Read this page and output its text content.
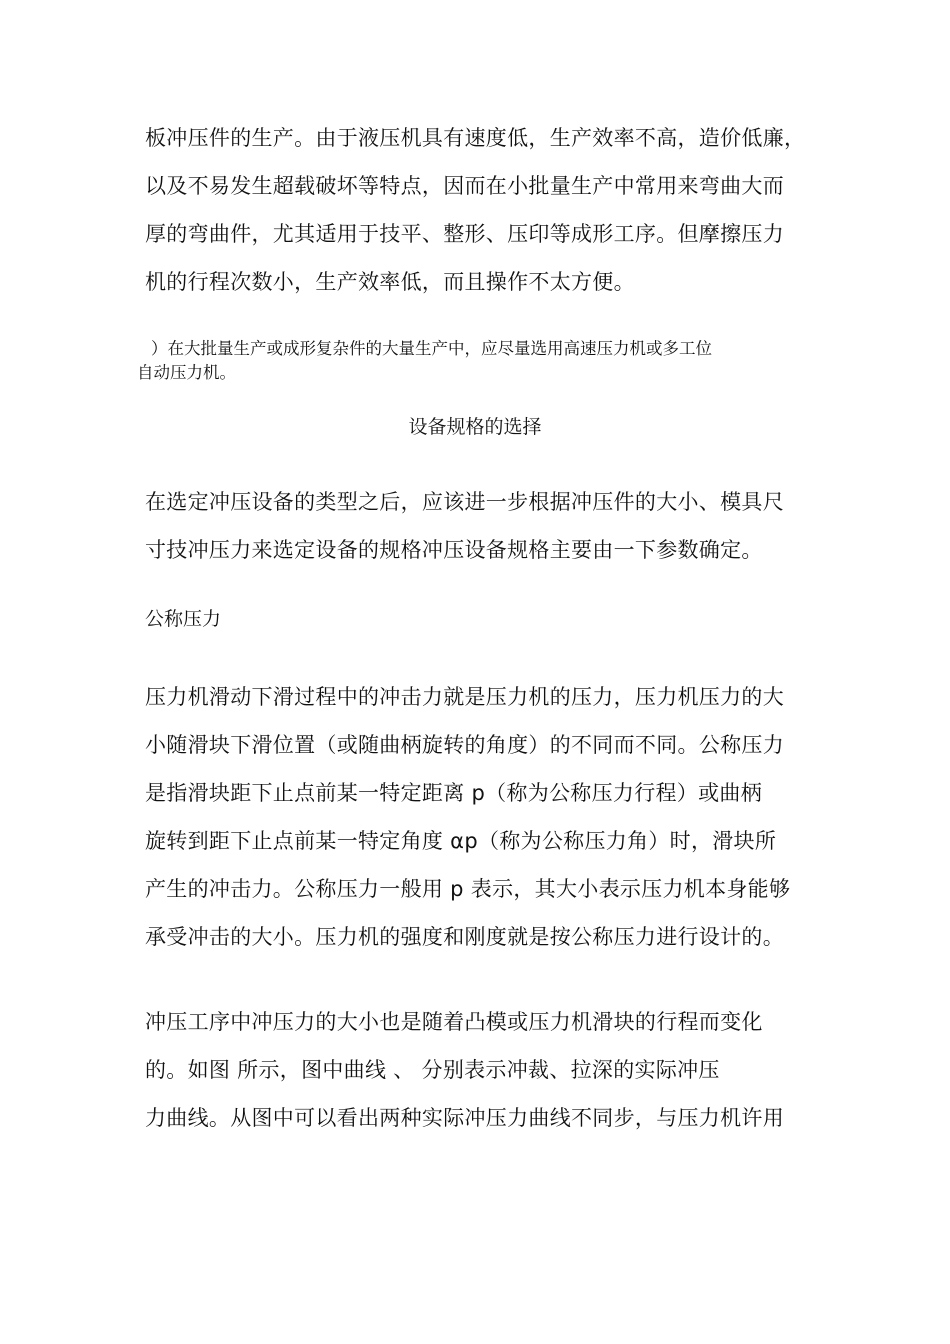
板冲压件的生产。由于液压机具有速度低，生产效率不高，造价低廉，
以及不易发生超载破坏等特点，因而在小批量生产中常用来弯曲大而
厚的弯曲件，尤其适用于技平、整形、压印等成形工序。但摩擦压力
机的行程次数小，生产效率低，而且操作不太方便。
）在大批量生产或成形复杂件的大量生产中，应尽量选用高速压力机或多工位
自动压力机。
设备规格的选择
在选定冲压设备的类型之后，应该进一步根据冲压件的大小、模具尺
寸技冲压力来选定设备的规格冲压设备规格主要由一下参数确定。
公称压力
压力机滑动下滑过程中的冲击力就是压力机的压力，压力机压力的大
小随滑块下滑位置（或随曲柄旋转的角度）的不同而不同。公称压力
是指滑块距下止点前某一特定距离 p（称为公称压力行程）或曲柄
旋转到距下止点前某一特定角度 αp（称为公称压力角）时，滑块所
产生的冲击力。公称压力一般用 p 表示，其大小表示压力机本身能够
承受冲击的大小。压力机的强度和刚度就是按公称压力进行设计的。
冲压工序中冲压力的大小也是随着凸模或压力机滑块的行程而变化
的。如图 所示，图中曲线 、 分别表示冲裁、拉深的实际冲压
力曲线。从图中可以看出两种实际冲压力曲线不同步，与压力机许用
